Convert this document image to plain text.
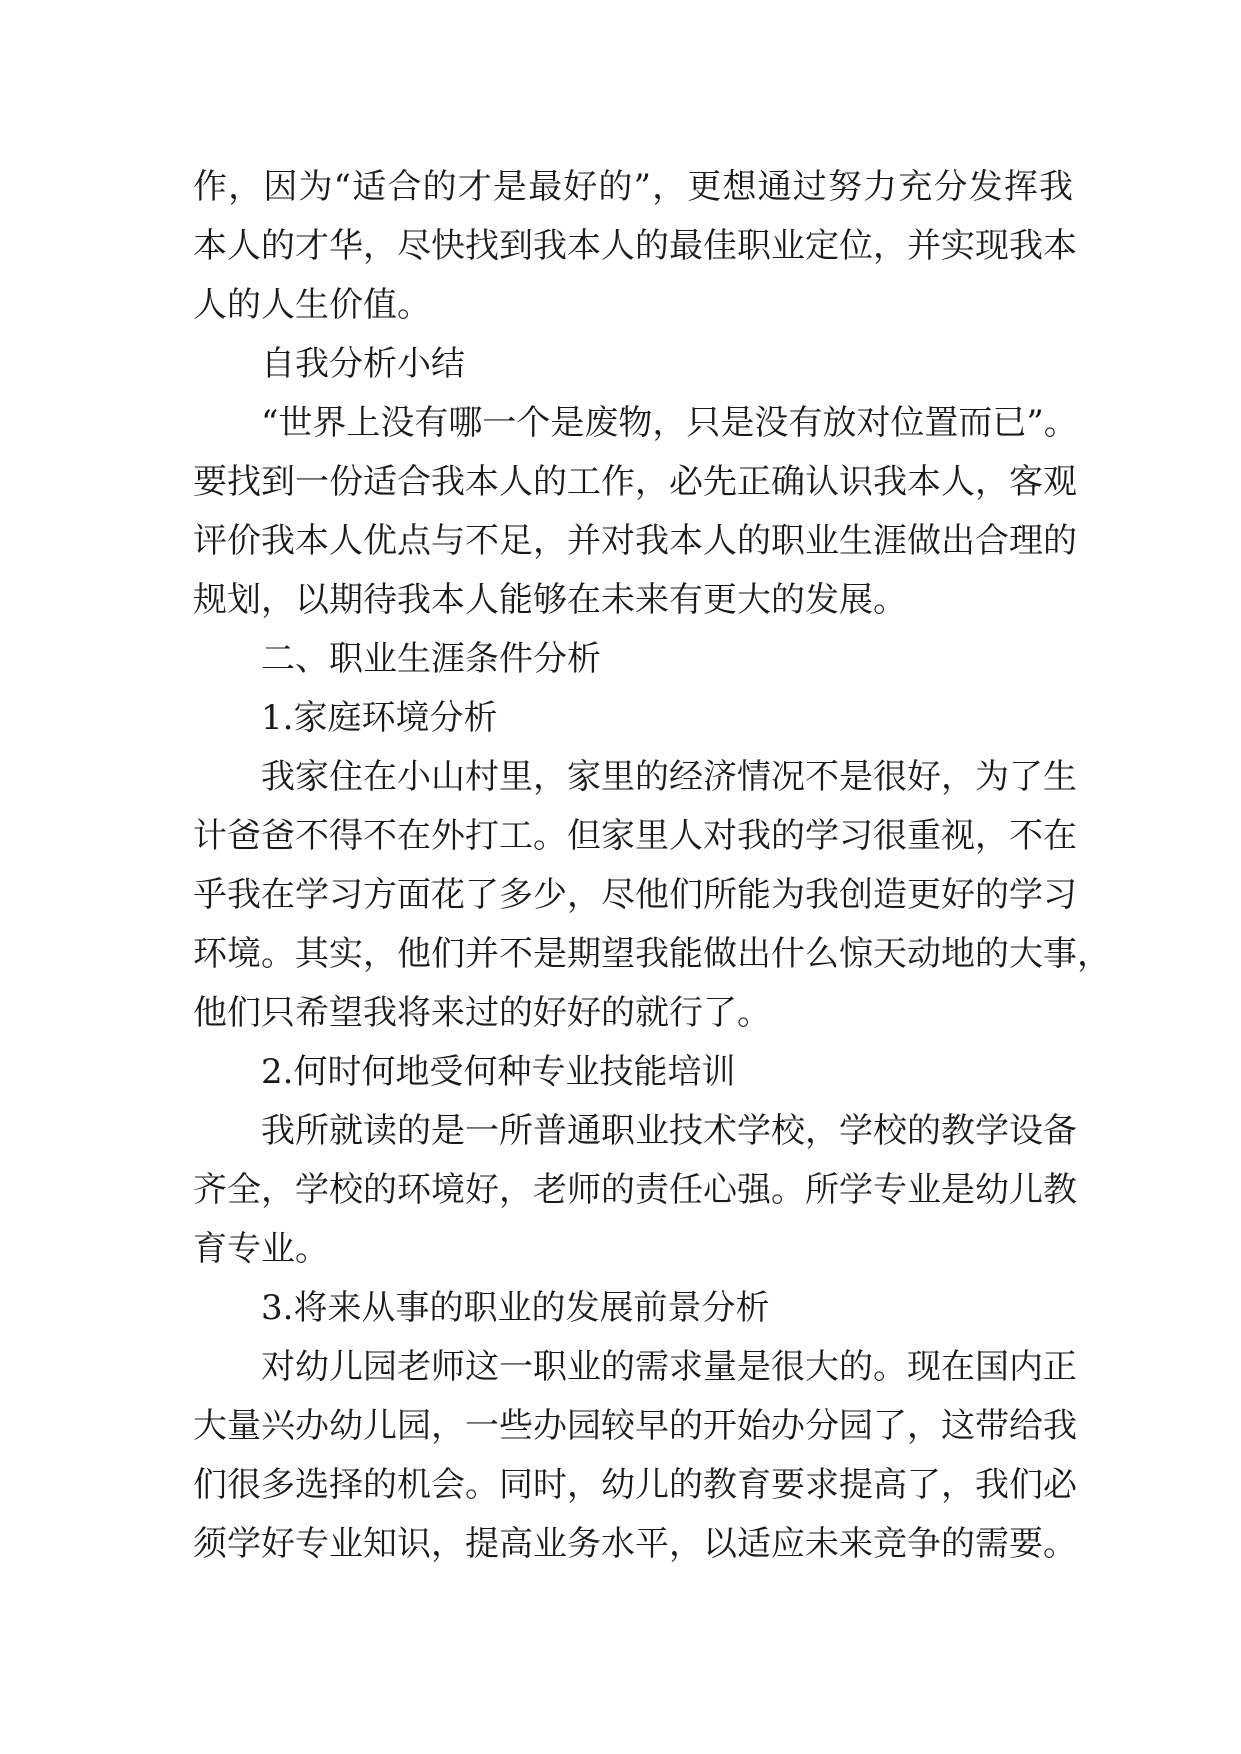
作，因为“适合的才是最好的”，更想通过努力充分发挥我
本人的才华，尽快找到我本人的最佳职业定位，并实现我本
人的人生价值。
自我分析小结
“世界上没有哪一个是废物，只是没有放对位置而已”。
要找到一份适合我本人的工作，必先正确认识我本人，客观
评价我本人优点与不足，并对我本人的职业生涯做出合理的
规划，以期待我本人能够在未来有更大的发展。
二、职业生涯条件分析
1.家庭环境分析
我家住在小山村里，家里的经济情况不是很好，为了生
计爸爸不得不在外打工。但家里人对我的学习很重视，不在
乎我在学习方面花了多少，尽他们所能为我创造更好的学习
环境。其实，他们并不是期望我能做出什么惊天动地的大事，
他们只希望我将来过的好好的就行了。
2.何时何地受何种专业技能培训
我所就读的是一所普通职业技术学校，学校的教学设备
齐全，学校的环境好，老师的责任心强。所学专业是幼儿教
育专业。
3.将来从事的职业的发展前景分析
对幼儿园老师这一职业的需求量是很大的。现在国内正
大量兴办幼儿园，一些办园较早的开始办分园了，这带给我
们很多选择的机会。同时，幼儿的教育要求提高了，我们必
须学好专业知识，提高业务水平，以适应未来竞争的需要。
